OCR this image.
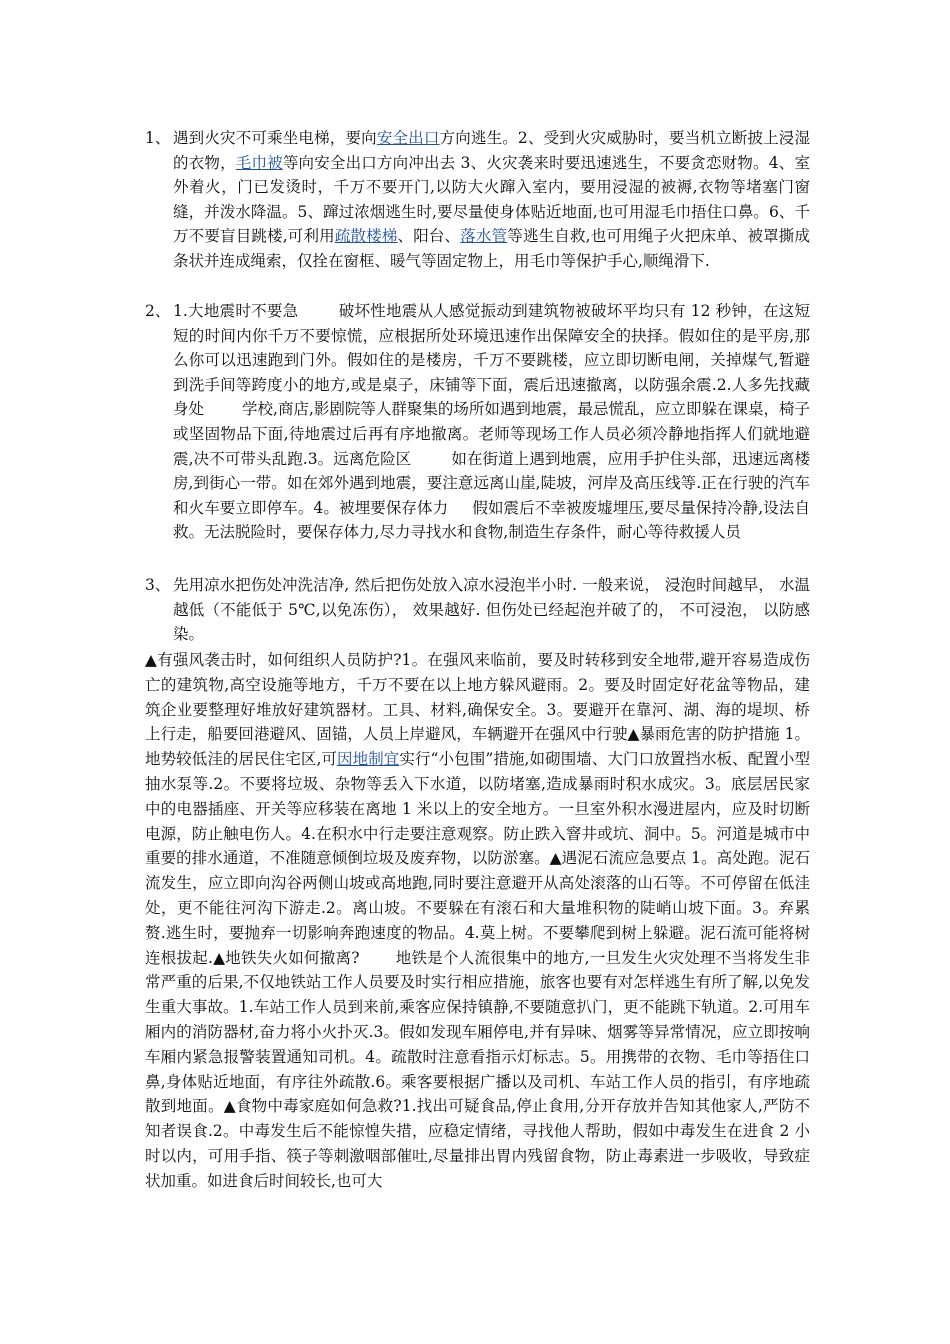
1、 遇到火灾不可乘坐电梯，要向安全出口方向逃生。2、受到火灾威胁时，要当机立断披上浸湿的衣物，毛巾被等向安全出口方向冲出去 3、火灾袭来时要迅速逃生，不要贪恋财物。4、室外着火，门已发烫时，千万不要开门,以防大火蹿入室内，要用浸湿的被褥,衣物等堵塞门窗缝，并泼水降温。5、蹿过浓烟逃生时,要尽量使身体贴近地面,也可用湿毛巾捂住口鼻。6、千万不要盲目跳楼,可利用疏散楼梯、阳台、落水管等逃生自救,也可用绳子火把床单、被罩撕成条状并连成绳索，仅拴在窗框、暖气等固定物上，用毛巾等保护手心,顺绳滑下.
2、 1.大地震时不要急	破坏性地震从人感觉振动到建筑物被破坏平均只有 12 秒钟，在这短短的时间内你千万不要惊慌，应根据所处环境迅速作出保障安全的抉择。假如住的是平房,那么你可以迅速跑到门外。假如住的是楼房，千万不要跳楼，应立即切断电闸，关掉煤气,暂避到洗手间等跨度小的地方,或是桌子，床铺等下面，震后迅速撤离，以防强余震.2.人多先找藏身处 学校,商店,影剧院等人群聚集的场所如遇到地震，最忌慌乱，应立即躲在课桌，椅子或坚固物品下面,待地震过后再有序地撤离。老师等现场工作人员必须冷静地指挥人们就地避震,决不可带头乱跑.3。远离危险区	如在街道上遇到地震，应用手护住头部，迅速远离楼房,到街心一带。如在郊外遇到地震，要注意远离山崖,陡坡，河岸及高压线等.正在行驶的汽车和火车要立即停车。4。被埋要保存体力 假如震后不幸被废墟埋压,要尽量保持冷静,设法自救。无法脱险时，要保存体力,尽力寻找水和食物,制造生存条件，耐心等待救援人员
3、 先用凉水把伤处冲洗洁净, 然后把伤处放入凉水浸泡半小时. 一般来说， 浸泡时间越早， 水温越低（不能低于 5℃,以免冻伤）， 效果越好. 但伤处已经起泡并破了的， 不可浸泡， 以防感染。
▲有强风袭击时，如何组织人员防护?1。在强风来临前，要及时转移到安全地带,避开容易造成伤亡的建筑物,高空设施等地方，千万不要在以上地方躲风避雨。2。要及时固定好花盆等物品，建筑企业要整理好堆放好建筑器材。工具、材料,确保安全。3。要避开在靠河、湖、海的堤坝、桥上行走，船要回港避风、固锚，人员上岸避风，车辆避开在强风中行驶▲暴雨危害的防护措施 1。地势较低洼的居民住宅区,可因地制宜实行“小包围”措施,如砌围墙、大门口放置挡水板、配置小型抽水泵等.2。不要将垃圾、杂物等丢入下水道，以防堵塞,造成暴雨时积水成灾。3。底层居民家中的电器插座、开关等应移装在离地 1 米以上的安全地方。一旦室外积水漫进屋内，应及时切断电源，防止触电伤人。4.在积水中行走要注意观察。防止跌入窨井或坑、洞中。5。河道是城市中重要的排水通道，不准随意倾倒垃圾及废弃物，以防淤塞。▲遇泥石流应急要点 1。高处跑。泥石流发生，应立即向沟谷两侧山坡或高地跑,同时要注意避开从高处滚落的山石等。不可停留在低洼处，更不能往河沟下游走.2。离山坡。不要躲在有滚石和大量堆积物的陡峭山坡下面。3。弃累赘.逃生时，要抛弃一切影响奔跑速度的物品。4.莫上树。不要攀爬到树上躲避。泥石流可能将树连根拔起.▲地铁失火如何撤离? 地铁是个人流很集中的地方,一旦发生火灾处理不当将发生非常严重的后果,不仅地铁站工作人员要及时实行相应措施，旅客也要有对怎样逃生有所了解,以免发生重大事故。1.车站工作人员到来前,乘客应保持镇静,不要随意扒门，更不能跳下轨道。2.可用车厢内的消防器材,奋力将小火扑灭.3。假如发现车厢停电,并有异味、烟雾等异常情况，应立即按响车厢内紧急报警装置通知司机。4。疏散时注意看指示灯标志。5。用携带的衣物、毛巾等捂住口鼻,身体贴近地面，有序往外疏散.6。乘客要根据广播以及司机、车站工作人员的指引，有序地疏散到地面。▲食物中毒家庭如何急救?1.找出可疑食品,停止食用,分开存放并告知其他家人,严防不知者误食.2。中毒发生后不能惊惶失措，应稳定情绪，寻找他人帮助，假如中毒发生在进食 2 小时以内，可用手指、筷子等刺激咽部催吐,尽量排出胃内残留食物，防止毒素进一步吸收，导致症状加重。如进食后时间较长,也可大
